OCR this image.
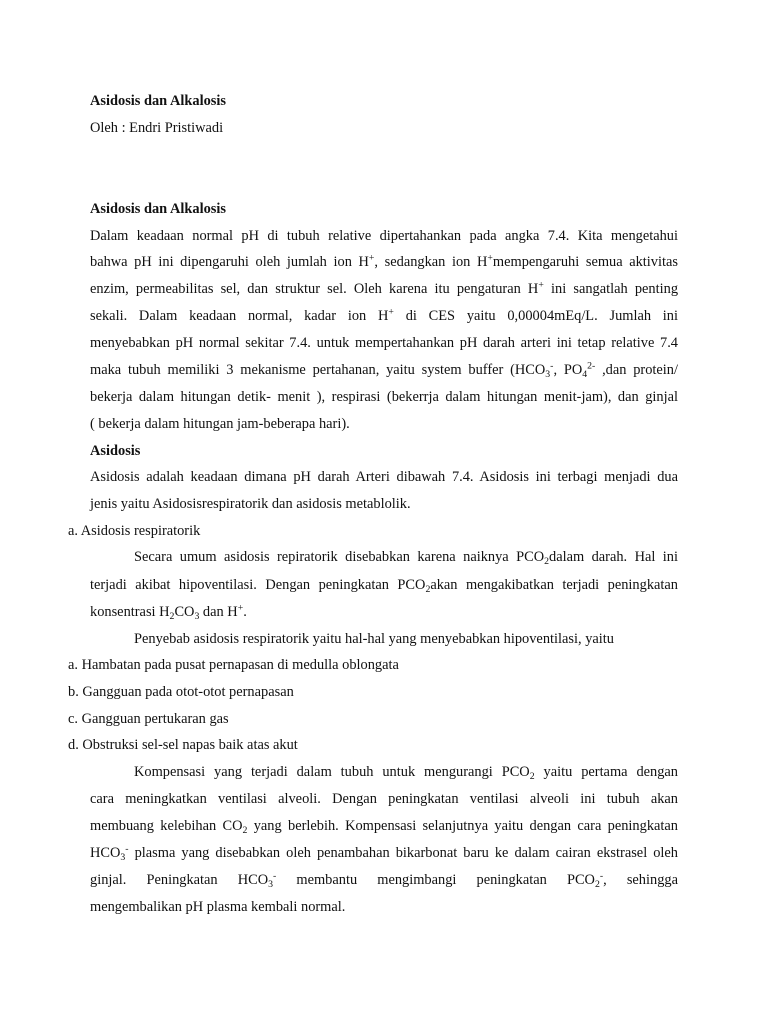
Asidosis dan Alkalosis
Oleh : Endri Pristiwadi
Asidosis dan Alkalosis
Dalam keadaan normal pH di tubuh relative dipertahankan pada angka 7.4. Kita mengetahui
bahwa pH ini dipengaruhi oleh jumlah ion H+, sedangkan ion H+mempengaruhi semua aktivitas
enzim, permeabilitas sel, dan struktur sel. Oleh karena itu pengaturan H+ ini sangatlah penting
sekali. Dalam keadaan normal, kadar ion H+ di CES yaitu 0,00004mEq/L. Jumlah ini
menyebabkan pH normal sekitar 7.4. untuk mempertahankan pH darah arteri ini tetap relative 7.4
maka tubuh memiliki 3 mekanisme pertahanan, yaitu system buffer ($HCO_3^-$, $PO_4^{2-}$ ,dan protein/
bekerja dalam hitungan detik- menit ), respirasi (bekerrja dalam hitungan menit-jam), dan ginjal
( bekerja dalam hitungan jam-beberapa hari).
Asidosis
Asidosis adalah keadaan dimana pH darah Arteri dibawah 7.4. Asidosis ini terbagi menjadi dua
jenis yaitu Asidosisrespiratorik dan asidosis metablolik.
a. Asidosis respiratorik
Secara umum asidosis repiratorik disebabkan karena naiknya $PCO_2dalam$ darah. Hal ini
terjadi akibat hipoventilasi. Dengan peningkatan $PCO_2akan$ mengakibatkan terjadi peningkatan
konsentrasi $H_2CO_3$ dan H+.
Penyebab asidosis respiratorik yaitu hal-hal yang menyebabkan hipoventilasi, yaitu
a. Hambatan pada pusat pernapasan di medulla oblongata
b. Gangguan pada otot-otot pernapasan
c. Gangguan pertukaran gas
d. Obstruksi sel-sel napas baik atas akut
Kompensasi yang terjadi dalam tubuh untuk mengurangi $PCO_2$ yaitu pertama dengan
cara meningkatkan ventilasi alveoli. Dengan peningkatan ventilasi alveoli ini tubuh akan
membuang kelebihan $CO_2$ yang berlebih. Kompensasi selanjutnya yaitu dengan cara peningkatan
$HCO_3^-$ plasma yang disebabkan oleh penambahan bikarbonat baru ke dalam cairan ekstrasel oleh
ginjal. Peningkatan $HCO_3^-$ membantu mengimbangi peningkatan $PCO_2^-$, sehingga
mengembalikan pH plasma kembali normal.
